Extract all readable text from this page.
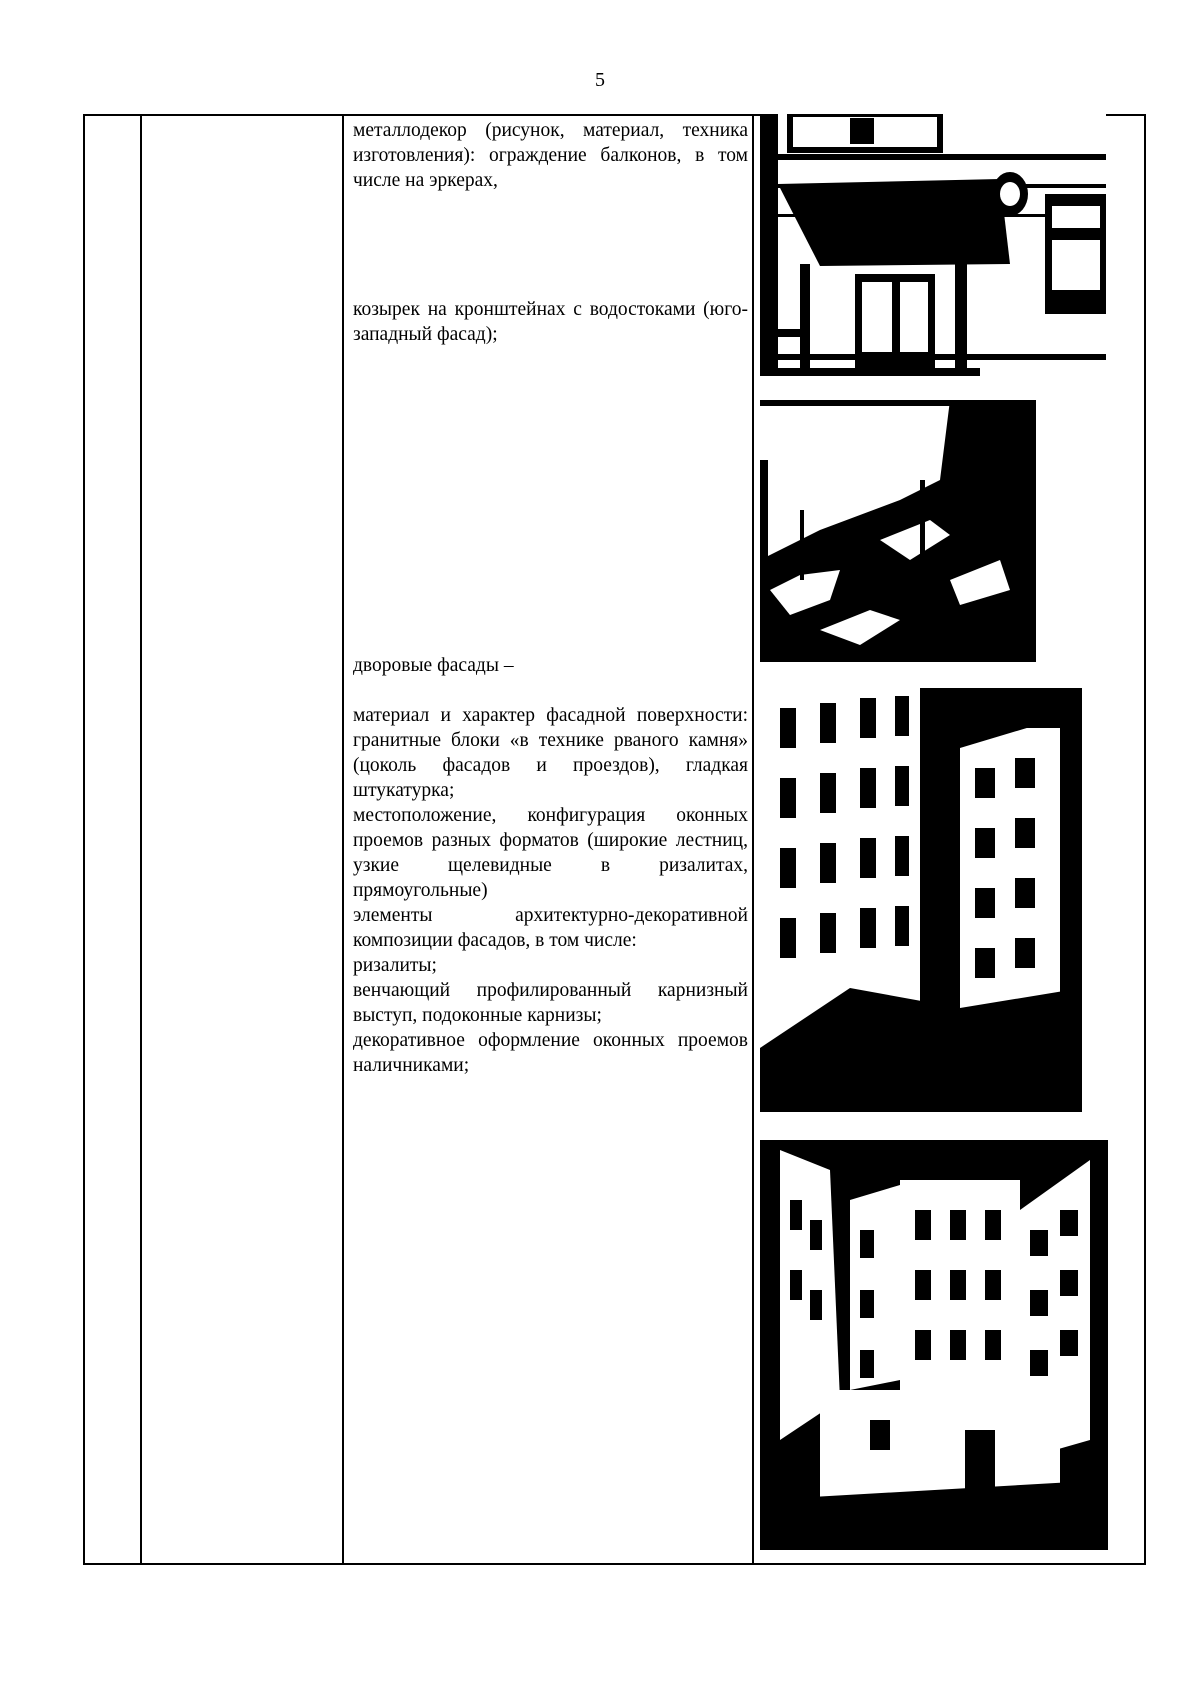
5

металлодекор (рисунок, материал, техника изготовления): ограждение балконов, в том числе на эркерах,

козырек на кронштейнах с водостоками (юго-западный фасад);

дворовые фасады –

материал и характер фасадной поверхности: гранитные блоки «в технике рваного камня» (цоколь фасадов и проездов), гладкая штукатурка;

местоположение, конфигурация оконных проемов разных форматов (широкие лестниц, узкие щелевидные в ризалитах, прямоугольные)

элементы архитектурно-декоративной композиции фасадов, в том числе:

ризалиты;

венчающий профилированный карнизный выступ, подоконные карнизы;

декоративное оформление оконных проемов наличниками;
